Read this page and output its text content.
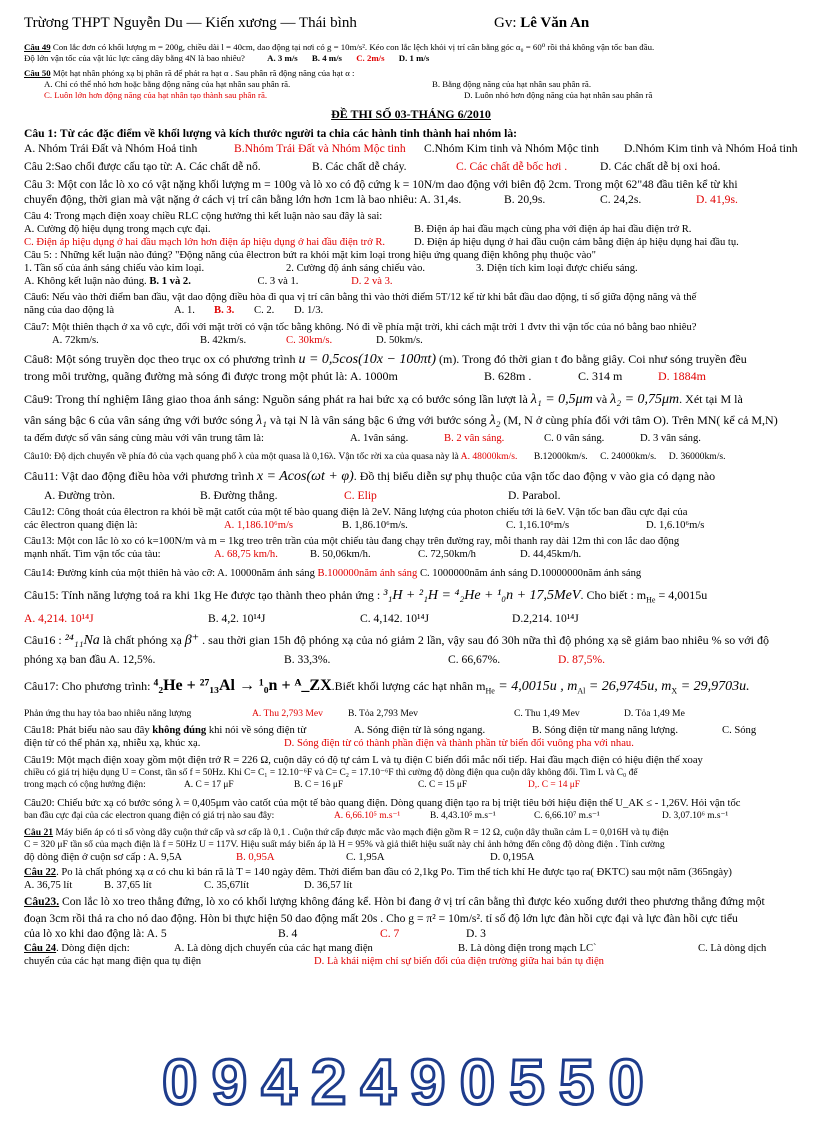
Trừơng THPT Nguyễn Du — Kiến xương — Thái bình	Gv: Lê Văn An
Câu 49 Con lắc đơn có khối lượng m = 200g, chiều dài l = 40cm, dao động tại nơi có g = 10m/s². Kéo con lắc lệch khỏi vị trí cân bằng góc α₀ = 60⁰ rồi thả không vận tốc ban đầu.
Độ lớn vận tốc của vật lúc lực căng dây bằng 4N là bao nhiêu?	A. 3 m/s B. 4 m/s C. 2m/s D. 1 m/s
Câu 50 Một hạt nhân phóng xạ bị phân rã để phát ra hạt α . Sau phân rã động năng của hạt α :
A. Chỉ có thể nhỏ hơn hoặc bằng động năng của hạt nhân sau phân rã.	B. Bằng động năng của hạt nhân sau phân rã.
C. Luôn lớn hơn động năng của hạt nhân tạo thành sau phân rã.	D. Luôn nhỏ hơn động năng của hạt nhân sau phân rã
ĐỀ THI SỐ 03-THÁNG 6/2010
Câu 1: Từ các đặc điểm về khối lượng và kích thước người ta chia các hành tinh thành hai nhóm là:
A. Nhóm Trái Đất và Nhóm Hoả tinh	B.Nhóm Trái Đất và Nhóm Mộc tinh C.Nhóm Kim tinh và Nhóm Mộc tinh D.Nhóm Kim tinh và Nhóm Hoả tinh
Câu 2:Sao chổi được cấu tạo từ: A. Các chất dễ nổ.	B. Các chất dễ cháy.	C. Các chất dễ bốc hơi .	D. Các chất dễ bị oxi hoá.
Câu 3: Một con lắc lò xo có vật nặng khối lượng m = 100g và lò xo có độ cứng k = 10N/m dao động với biên độ 2cm. Trong một 62"48 đầu tiên kể từ khi
chuyển động, thời gian mà vật nặng ở cách vị trí cân bằng lớn hơn 1cm là bao nhiêu: A. 31,4s.	B. 20,9s.	C. 24,2s.	D. 41,9s.
Câu 4: Trong mạch điện xoay chiều RLC cộng hưởng thì kết luận nào sau đây là sai:
A. Cường độ hiệu dụng trong mạch cực đại.	B. Điện áp hai đầu mạch cùng pha với điện áp hai đầu điện trở R.
C. Điện áp hiệu dụng ở hai đầu mạch lớn hơn điện áp hiệu dụng ở hai đầu điện trở R.	D. Điện áp hiệu dụng ở hai đầu cuộn cảm bằng điện áp hiệu dụng hai đầu tụ.
Câu 5: : Những kết luận nào đúng? "Động năng của êlectron bứt ra khỏi mặt kim loại trong hiệu ứng quang điện không phụ thuộc vào"
1. Tần số của ánh sáng chiếu vào kim loại.	2. Cường độ ánh sáng chiếu vào.	3. Diện tích kim loại được chiếu sáng.
A. Không kết luận nào đúng. B. 1 và 2.	C. 3 và 1.	D. 2 và 3.
Câu6: Nếu vào thời điểm ban đầu, vật dao động điều hòa đi qua vị trí cân bằng thì vào thời điểm 5T/12 kể từ khi bắt đầu dao động, tỉ số giữa động năng và thế
năng của dao động là	A. 1. B. 3. C. 2. D. 1/3.
Câu7: Một thiên thạch ở xa vô cực, đối với mặt trời có vận tốc bằng không. Nó đi về phía mặt trời, khi cách mặt trời 1 đvtv thì vận tốc của nó bằng bao nhiêu?
A. 72km/s.	B. 42km/s.	C. 30km/s.	D. 50km/s.
Câu8: Một sóng truyền dọc theo trục ox có phương trình u = 0,5cos(10x − 100πt) (m). Trong đó thời gian t đo bằng giây. Coi như sóng truyền đều
trong môi trường, quãng đường mà sóng đi được trong một phút là: A. 1000m	B. 628m .	C. 314 m	D. 1884m
Câu9: Trong thí nghiệm Iâng giao thoa ánh sáng: Nguồn sáng phát ra hai bức xạ có bước sóng lần lượt là λ₁ = 0,5μm và λ₂ = 0,75μm. Xét tại M là
vân sáng bậc 6 của vân sáng ứng với bước sóng λ₁ và tại N là vân sáng bậc 6 ứng với bước sóng λ₂ (M, N ở cùng phía đối với tâm O). Trên MN( kể cả M,N)
ta đếm được số vân sáng cùng màu với vân trung tâm là:	A. 1vân sáng.	B. 2 vân sáng.	C. 0 vân sáng.	D. 3 vân sáng.
Câu10: Độ dịch chuyển về phía đỏ của vạch quang phổ λ của một quasa là 0,16λ. Vận tốc rời xa của quasa này là A. 48000km/s. B.12000km/s. C. 24000km/s. D. 36000km/s.
Câu11: Vật dao động điều hòa với phương trình x = Acos(ωt + φ). Đồ thị biểu diễn sự phụ thuộc của vận tốc dao động v vào gia có dạng nào
A. Đường tròn.	B. Đường thẳng.	C. Elip	D. Parabol.
Câu12: Công thoát của êlectron ra khỏi bề mặt catốt của một tế bào quang điện là 2eV. Năng lượng của photon chiếu tới là 6eV. Vận tốc ban đầu cực đại của
các êlectron quang điện là:	A. 1,186.10⁶m/s	B. 1,86.10⁶m/s.	C. 1,16.10⁶m/s	D. 1,6.10⁶m/s
Câu13: Một con lắc lò xo có k=100N/m và m = 1kg treo trên trần của một chiếu tàu đang chạy trên đường ray, mỗi thanh ray dài 12m thì con lắc dao động
mạnh nhất. Tìm vận tốc của tàu:	A. 68,75 km/h.	B. 50,06km/h.	C. 72,50km/h	D. 44,45km/h.
Câu14: Đường kính của một thiên hà vào cỡ: A. 10000năm ánh sáng B.100000năm ánh sáng C. 1000000năm ánh sáng D.10000000năm ánh sáng
Câu15: Tính năng lượng toả ra khi 1kg He được tạo thành theo phản ứng : ³₁H + ²₁H = ⁴₂He + ¹₀n + 17,5MeV. Cho biết : $m_{He} = 4,0015u$
A. 4,214. 10¹⁴J	B. 4,2. 10¹⁴J	C. 4,142. 10¹⁴J	D.2,214. 10¹⁴J
Câu16 : ²⁴₁₁Na là chất phóng xạ β⁺ . sau thời gian 15h độ phóng xạ của nó giảm 2 lần, vậy sau đó 30h nữa thì độ phóng xạ sẽ giảm bao nhiêu % so với độ
phóng xạ ban đầu A. 12,5%.	B. 33,3%.	C. 66,67%.	D. 87,5%.
Câu17: Cho phương trình: ⁴₂He + ²⁷₁₃Al → ¹₀n + ᴬ_ZX.Biết khối lượng các hạt nhân $m_{He} = 4,0015u$ , $m_{Al} = 26,9745u$, $m_X = 29,9703u$.
Phản ứng thu hay tỏa bao nhiêu năng lượng	A. Thu 2,793 Mev	B. Tỏa 2,793 Mev	C. Thu 1,49 Mev	D. Tỏa 1,49 Me
Câu18: Phát biểu nào sau đây không đúng khi nói về sóng điện từ	A. Sóng điện từ là sóng ngang.	B. Sóng điện từ mang năng lượng.	C. Sóng
điện từ có thể phản xạ, nhiễu xạ, khúc xạ.	D. Sóng điện từ có thành phần điện và thành phần từ biến đổi vuông pha với nhau.
Câu19: Một mạch điện xoay gồm một điện trở R = 226 Ω, cuộn dây có độ tự cảm L và tụ điện C biến đổi mắc nối tiếp. Hai đầu mạch điện có hiệu điện thế xoay
chiều có giá trị hiệu dụng U = Const, tần số f = 50Hz. Khi C= C₁ = 12.10⁻⁶F và C= C₂ = 17.10⁻⁶F thì cường độ dòng điện qua cuộn dây không đổi. Tìm L và C₀ để
trong mạch có cộng hưởng điện:	A. C = 17 μF	B. C = 16 μF	C. C = 15 μF	D,. C = 14 μF
Câu20: Chiếu bức xạ có bước sóng λ = 0,405μm vào catốt của một tế bào quang điện. Dòng quang điện tạo ra bị triệt tiêu bởi hiệu điện thế U_AK ≤ - 1,26V. Hỏi vận tốc
ban đầu cực đại của các electron quang điện có giá trị nào sau đây:	A. 6,66.10⁵ m.s⁻¹	B. 4,43.10⁵ m.s⁻¹	C. 6,66.10⁷ m.s⁻¹	D. 3,07.10⁶ m.s⁻¹
Câu 21 Máy biến áp có tỉ số vòng dây cuộn thứ cấp và sơ cấp là 0,1 . Cuộn thứ cấp được mắc vào mạch điện gồm R = 12 Ω, cuộn dây thuần cảm L = 0,016H và tụ điện
C = 320 μF tần số của mạch điện là f = 50Hz U = 117V. Hiệu suất máy biến áp là H = 95% và giả thiết hiệu suất này chỉ ảnh hởng đến công độ dòng điện . Tính cường
độ dòng điện ở cuộn sơ cấp : A. 9,5A	B. 0,95A	C. 1,95A	D. 0,195A
Câu 22. Po là chất phóng xạ α có chu kì bán rã là T = 140 ngày đêm. Thời điểm ban đầu có 2,1kg Po. Tìm thể tích khí He được tạo ra( ĐKTC) sau một năm (365ngày)
A. 36,75 lít	B. 37,65 lít	C. 35,67lít	D. 36,57 lít
Câu23. Con lắc lò xo treo thẳng đứng, lò xo có khối lượng không đáng kể. Hòn bi đang ở vị trí cân bằng thì được kéo xuống dưới theo phương thẳng đứng một
đoạn 3cm rồi thả ra cho nó dao động. Hòn bi thực hiện 50 dao động mất 20s . Cho g = π² = 10m/s². tỉ số độ lớn lực đàn hồi cực đại và lực đàn hồi cực tiểu
của lò xo khi dao động là: A. 5	B. 4	C. 7	D. 3
Câu 24. Dòng điện dịch:	A. Là dòng dịch chuyển của các hạt mang điện	B. Là dòng điện trong mạch LC`	C. Là dòng dịch
chuyển của các hạt mang điện qua tụ điện	D. Là khái niệm chỉ sự biến đổi của điện trường giữa hai bản tụ điện
0942490550
